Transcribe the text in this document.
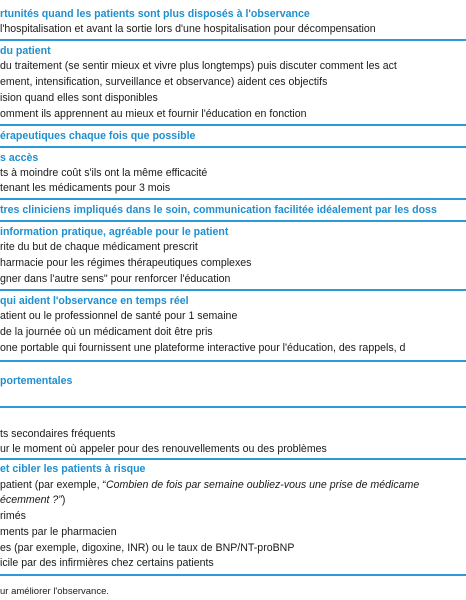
rtunités quand les patients sont plus disposés à l'observance
l'hospitalisation et avant la sortie lors d'une hospitalisation pour décompensation
du patient
du traitement (se sentir mieux et vivre plus longtemps) puis discuter comment les act
ement, intensification, surveillance et observance) aident ces objectifs
ision quand elles sont disponibles
omment ils apprennent au mieux et fournir l'éducation en fonction
érapeutiques chaque fois que possible
s accès
ts à moindre coût s'ils ont la même efficacité
tenant les médicaments pour 3 mois
tres cliniciens impliqués dans le soin, communication facilitée idéalement par les doss
information pratique, agréable pour le patient
rite du but de chaque médicament prescrit
harmacie pour les régimes thérapeutiques complexes
gner dans l'autre sens" pour renforcer l'éducation
qui aident l'observance en temps réel
atient ou le professionnel de santé pour 1 semaine
de la journée où un médicament doit être pris
one portable qui fournissent une plateforme interactive pour l'éducation, des rappels, d
portementales
ts secondaires fréquents
ur le moment où appeler pour des renouvellements ou des problèmes
et cibler les patients à risque
patient (par exemple, “Combien de fois par semaine oubliez-vous une prise de médicame
écemment ?”)
rimés
ments par le pharmacien
es (par exemple, digoxine, INR) ou le taux de BNP/NT-proBNP
icile par des infirmières chez certains patients
ur améliorer l'observance.
